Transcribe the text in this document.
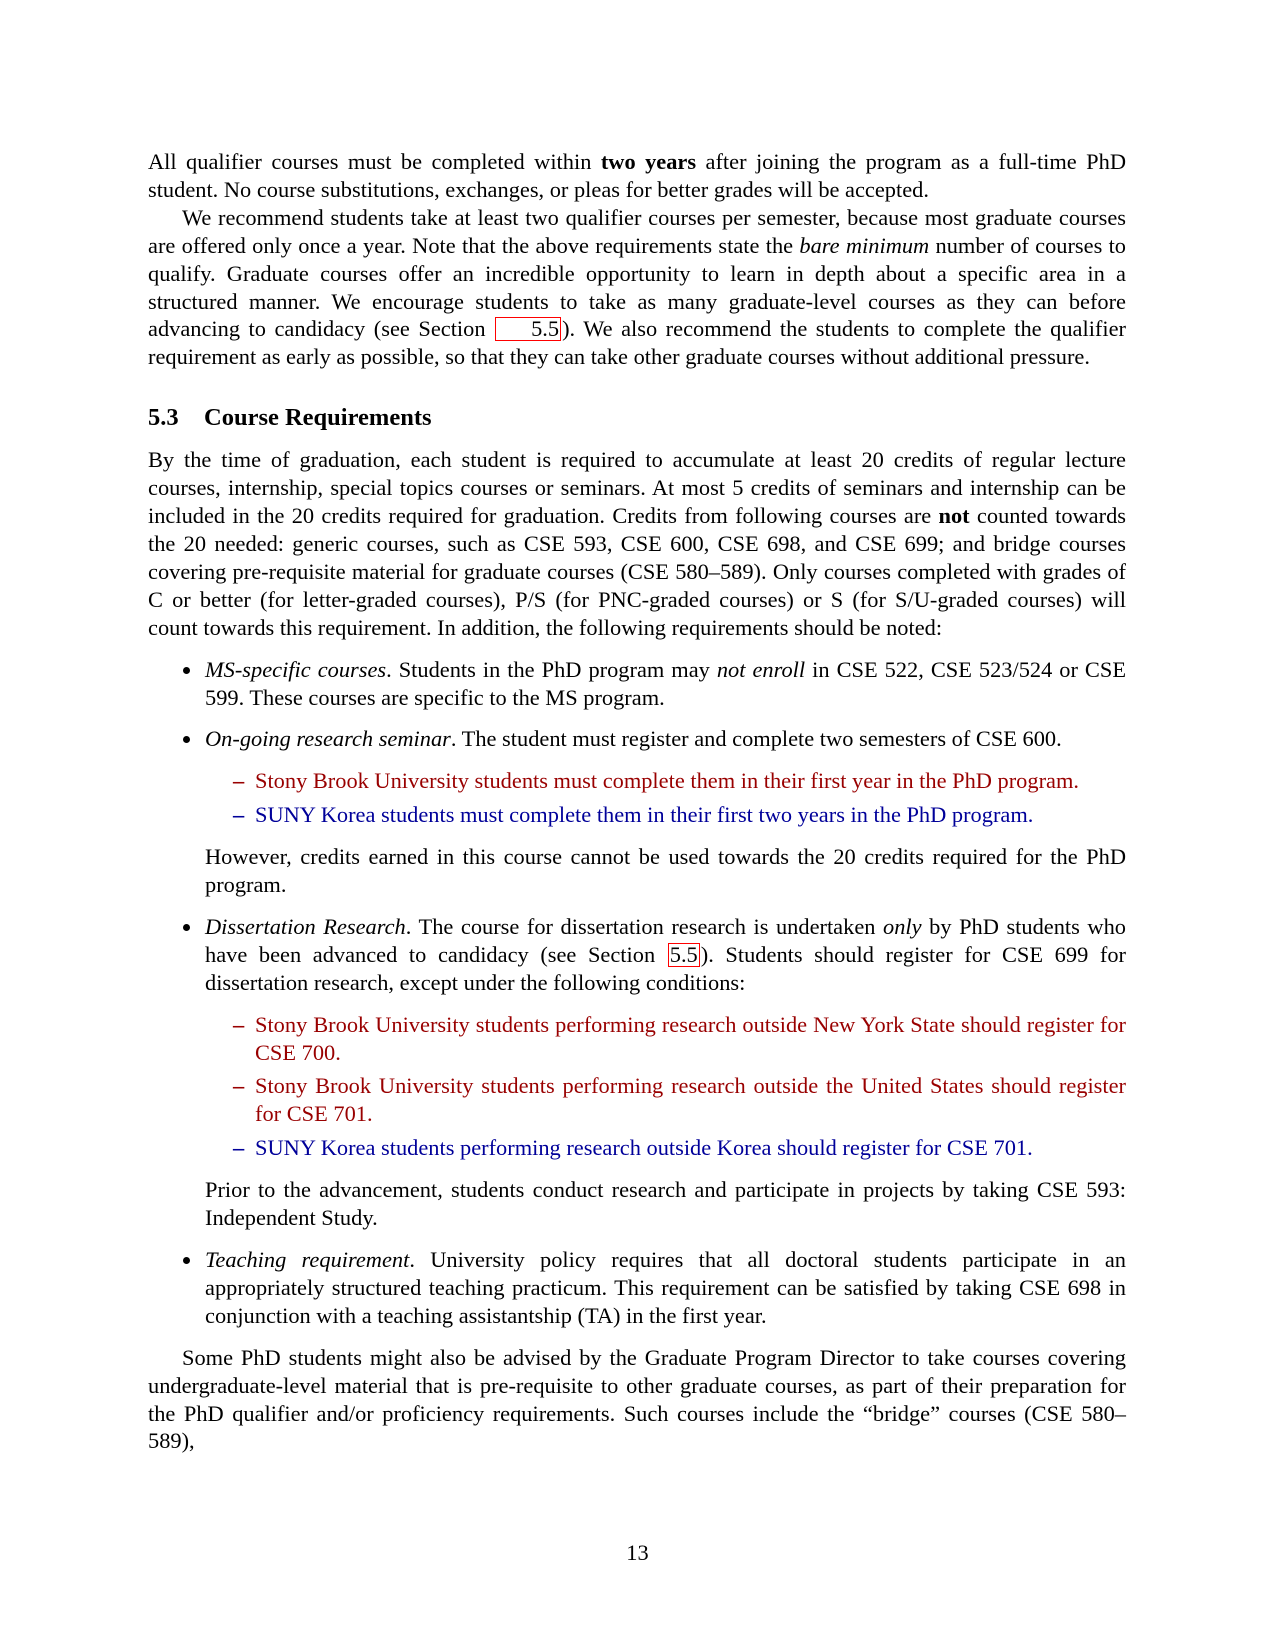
All qualifier courses must be completed within two years after joining the program as a full-time PhD student. No course substitutions, exchanges, or pleas for better grades will be accepted.

We recommend students take at least two qualifier courses per semester, because most graduate courses are offered only once a year. Note that the above requirements state the bare minimum number of courses to qualify. Graduate courses offer an incredible opportunity to learn in depth about a specific area in a structured manner. We encourage students to take as many graduate-level courses as they can before advancing to candidacy (see Section 5.5 ). We also recommend the students to complete the qualifier requirement as early as possible, so that they can take other graduate courses without additional pressure.

5.3 Course Requirements

By the time of graduation, each student is required to accumulate at least 20 credits of regular lecture courses, internship, special topics courses or seminars. At most 5 credits of seminars and internship can be included in the 20 credits required for graduation. Credits from following courses are not counted towards the 20 needed: generic courses, such as CSE 593, CSE 600, CSE 698, and CSE 699; and bridge courses covering pre-requisite material for graduate courses (CSE 580–589). Only courses completed with grades of C or better (for letter-graded courses), P/S (for PNC-graded courses) or S (for S/U-graded courses) will count towards this requirement. In addition, the following requirements should be noted:

MS-specific courses. Students in the PhD program may not enroll in CSE 522, CSE 523/524 or CSE 599. These courses are specific to the MS program.

On-going research seminar. The student must register and complete two semesters of CSE 600.

– Stony Brook University students must complete them in their first year in the PhD program.
– SUNY Korea students must complete them in their first two years in the PhD program.

However, credits earned in this course cannot be used towards the 20 credits required for the PhD program.

Dissertation Research. The course for dissertation research is undertaken only by PhD students who have been advanced to candidacy (see Section 5.5 ). Students should register for CSE 699 for dissertation research, except under the following conditions:

– Stony Brook University students performing research outside New York State should register for CSE 700.
– Stony Brook University students performing research outside the United States should register for CSE 701.
– SUNY Korea students performing research outside Korea should register for CSE 701.

Prior to the advancement, students conduct research and participate in projects by taking CSE 593: Independent Study.

Teaching requirement. University policy requires that all doctoral students participate in an appropriately structured teaching practicum. This requirement can be satisfied by taking CSE 698 in conjunction with a teaching assistantship (TA) in the first year.

Some PhD students might also be advised by the Graduate Program Director to take courses covering undergraduate-level material that is pre-requisite to other graduate courses, as part of their preparation for the PhD qualifier and/or proficiency requirements. Such courses include the “bridge” courses (CSE 580–589),

13
